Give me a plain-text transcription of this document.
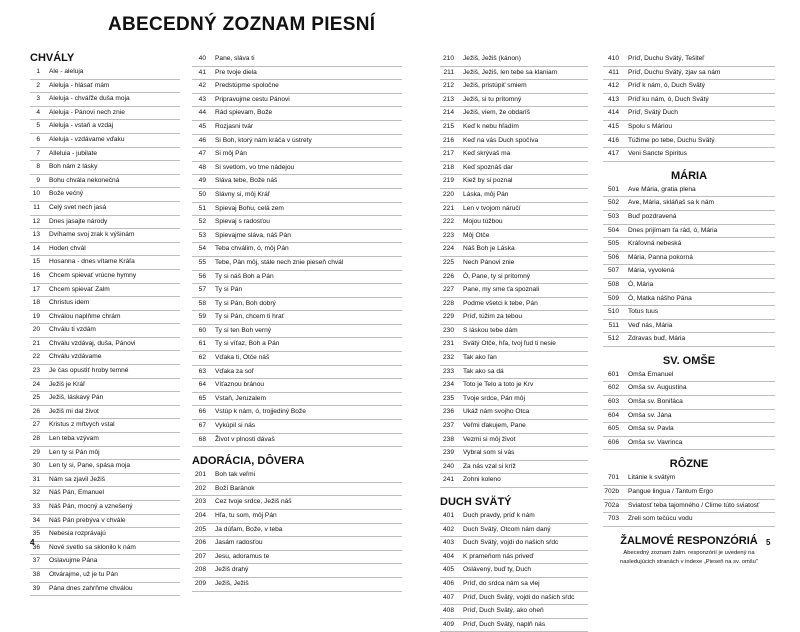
ABECEDNÝ ZOZNAM PIESNÍ
CHVÁLY
1	Ale - aleluja
2	Aleluja - hlásať mám
3	Aleluja - chváľže duša moja
4	Aleluja - Pánovi nech znie
5	Aleluja - vstaň a vzdaj
6	Aleluja - vzdávame vďaku
7	Alleluia - jubilate
8	Boh nám z lásky
9	Bohu chvála nekonečná
10	Bože večný
11	Celý svet nech jasá
12	Dnes jasajte národy
13	Dvíhame svoj zrak k výšinám
14	Hoden chvál
15	Hosanna - dnes vítame Kráľa
16	Chcem spievať vrúcne hymny
17	Chcem spievať Zalm
18	Christus idem
19	Chválou naplňme chrám
20	Chválu ti vzdám
21	Chválu vzdávaj, duša, Pánovi
22	Chválu vzdávame
23	Je čas opustiť hroby temné
24	Ježiš je Kráľ
25	Ježiš, láskavý Pán
26	Ježiš mi dal život
27	Kristus z mŕtvych vstal
28	Len teba vzývam
29	Len ty si Pán môj
30	Len ty si, Pane, spása moja
31	Nám sa zjavil Ježiš
32	Náš Pán, Emanuel
33	Náš Pán, mocný a vznešený
34	Náš Pán prebýva v chvále
35	Nebesia rozprávajú
36	Nové svetlo sa sklonilo k nám
37	Oslavujme Pána
38	Otvárajme, už je tu Pán
39	Pána dnes zahrňme chválou
40	Pane, sláva ti
41	Pre tvoje diela
42	Predstúpme spoločne
43	Pripravujme cestu Pánovi
44	Rád spievam, Bože
45	Rozjasni tvár
46	Si Boh, ktorý nám kráča v ústrety
47	Si môj Pán
48	Si svetlom, vo tme nádejou
49	Sláva tebe, Bože náš
50	Slávny si, môj Kráľ
51	Spievaj Bohu, celá zem
52	Spievaj s radosťou
53	Spievajme sláva, náš Pán
54	Teba chválim, ó, môj Pán
55	Tebe, Pán môj, stále nech znie pieseň chvál
56	Ty si náš Boh a Pán
57	Ty si Pán
58	Ty si Pán, Boh dobrý
59	Ty si Pán, chcem ti hrať
60	Ty si ten Boh verný
61	Ty si víťaz, Boh a Pán
62	Vďaka ti, Otče náš
63	Vďaka za soľ
64	Víťaznou bránou
65	Vstaň, Jeruzalem
66	Vstúp k nám, ó, trojjediný Bože
67	Vykúpil si nás
68	Život v plnosti dávaš
ADORÁCIA, DÔVERA
201	Boh tak veľmi
202	Boží Baránok
203	Cez tvoje srdce, Ježiš náš
204	Hľa, tu som, môj Pán
205	Ja dúfam, Bože, v teba
206	Jasám radosťou
207	Jesu, adoramus te
208	Ježiš drahý
209	Ježiš, Ježiš
210	Ježiš, Ježiš (kánon)
211	Ježiš, Ježiš, len tebe sa klaniam
212	Ježiš, pristúpiť smiem
213	Ježiš, si tu prítomný
214	Ježiš, viem, že obdaríš
215	Keď k nebu hľadím
216	Keď na vás Duch spočíva
217	Keď skrývaš ma
218	Keď spoznáš dar
219	Kiež by si poznal
220	Láska, môj Pán
221	Len v tvojom náručí
222	Mojou túžbou
223	Môj Otče
224	Náš Boh je Láska
225	Nech Pánovi znie
226	Ó, Pane, ty si prítomný
227	Pane, my sme ťa spoznali
228	Podme všetci k tebe, Pán
229	Príď, túžim za tebou
230	S láskou tebe dám
231	Svätý Otče, hľa, tvoj ľud ti nesie
232	Tak ako ľan
233	Tak ako sa dá
234	Toto je Telo a toto je Krv
235	Tvoje srdce, Pán môj
236	Ukáž nám svojho Otca
237	Veľmi ďakujem, Pane
238	Vezmi si môj život
239	Vybral som si vás
240	Za nás vzal si kríž
241	Zohni koleno
DUCH SVÄTÝ
401	Duch pravdy, príď k nám
402	Duch Svätý, Otcom nám daný
403	Duch Svätý, vojdi do našich sŕdc
404	K prameňom nás priveď
405	Oslávený, buď ty, Duch
406	Príď, do srdca nám sa vlej
407	Príď, Duch Svätý, vojdi do našich sŕdc
408	Príď, Duch Svätý, ako oheň
409	Príď, Duch Svätý, naplň nás
410	Príď, Duchu Svätý, Tešiteľ
411	Príď, Duchu Svätý, zjav sa nám
412	Príď k nám, ó, Duch Svätý
413	Príď ku nám, ó, Duch Svätý
414	Príď, Svätý Duch
415	Spolu s Máriou
416	Túžime po tebe, Duchu Svätý
417	Veni Sancte Spiritus
MÁRIA
501	Ave Mária, gratia plena
502	Ave, Mária, skláňaš sa k nám
503	Buď pozdravená
504	Dnes prijímam ťa rád, ó, Mária
505	Kráľovná nebeská
506	Mária, Panna pokorná
507	Mária, vyvolená
508	Ó, Mária
509	Ó, Matka nášho Pána
510	Totus tuus
511	Veď nás, Mária
512	Zdravas buď, Mária
SV. OMŠE
601	Omša Emanuel
602	Omša sv. Augustína
603	Omša sv. Bonifáca
604	Omša sv. Jána
605	Omša sv. Pavla
606	Omša sv. Vavrinca
RÔZNE
701	Litánie k svätým
702b	Pangue lingua / Tantum Ergo
702a	Sviatosť teba tajomného / Clime túto sviatosť
703	Zreli som tečúcu vodu
ŽALMOVÉ RESPONZÓRIÁ
Abecedný zoznam žalm. responzórií je uvedený na
nasledujúcich stranách v indexe „Pieseň na sv. omšu"
4	5
